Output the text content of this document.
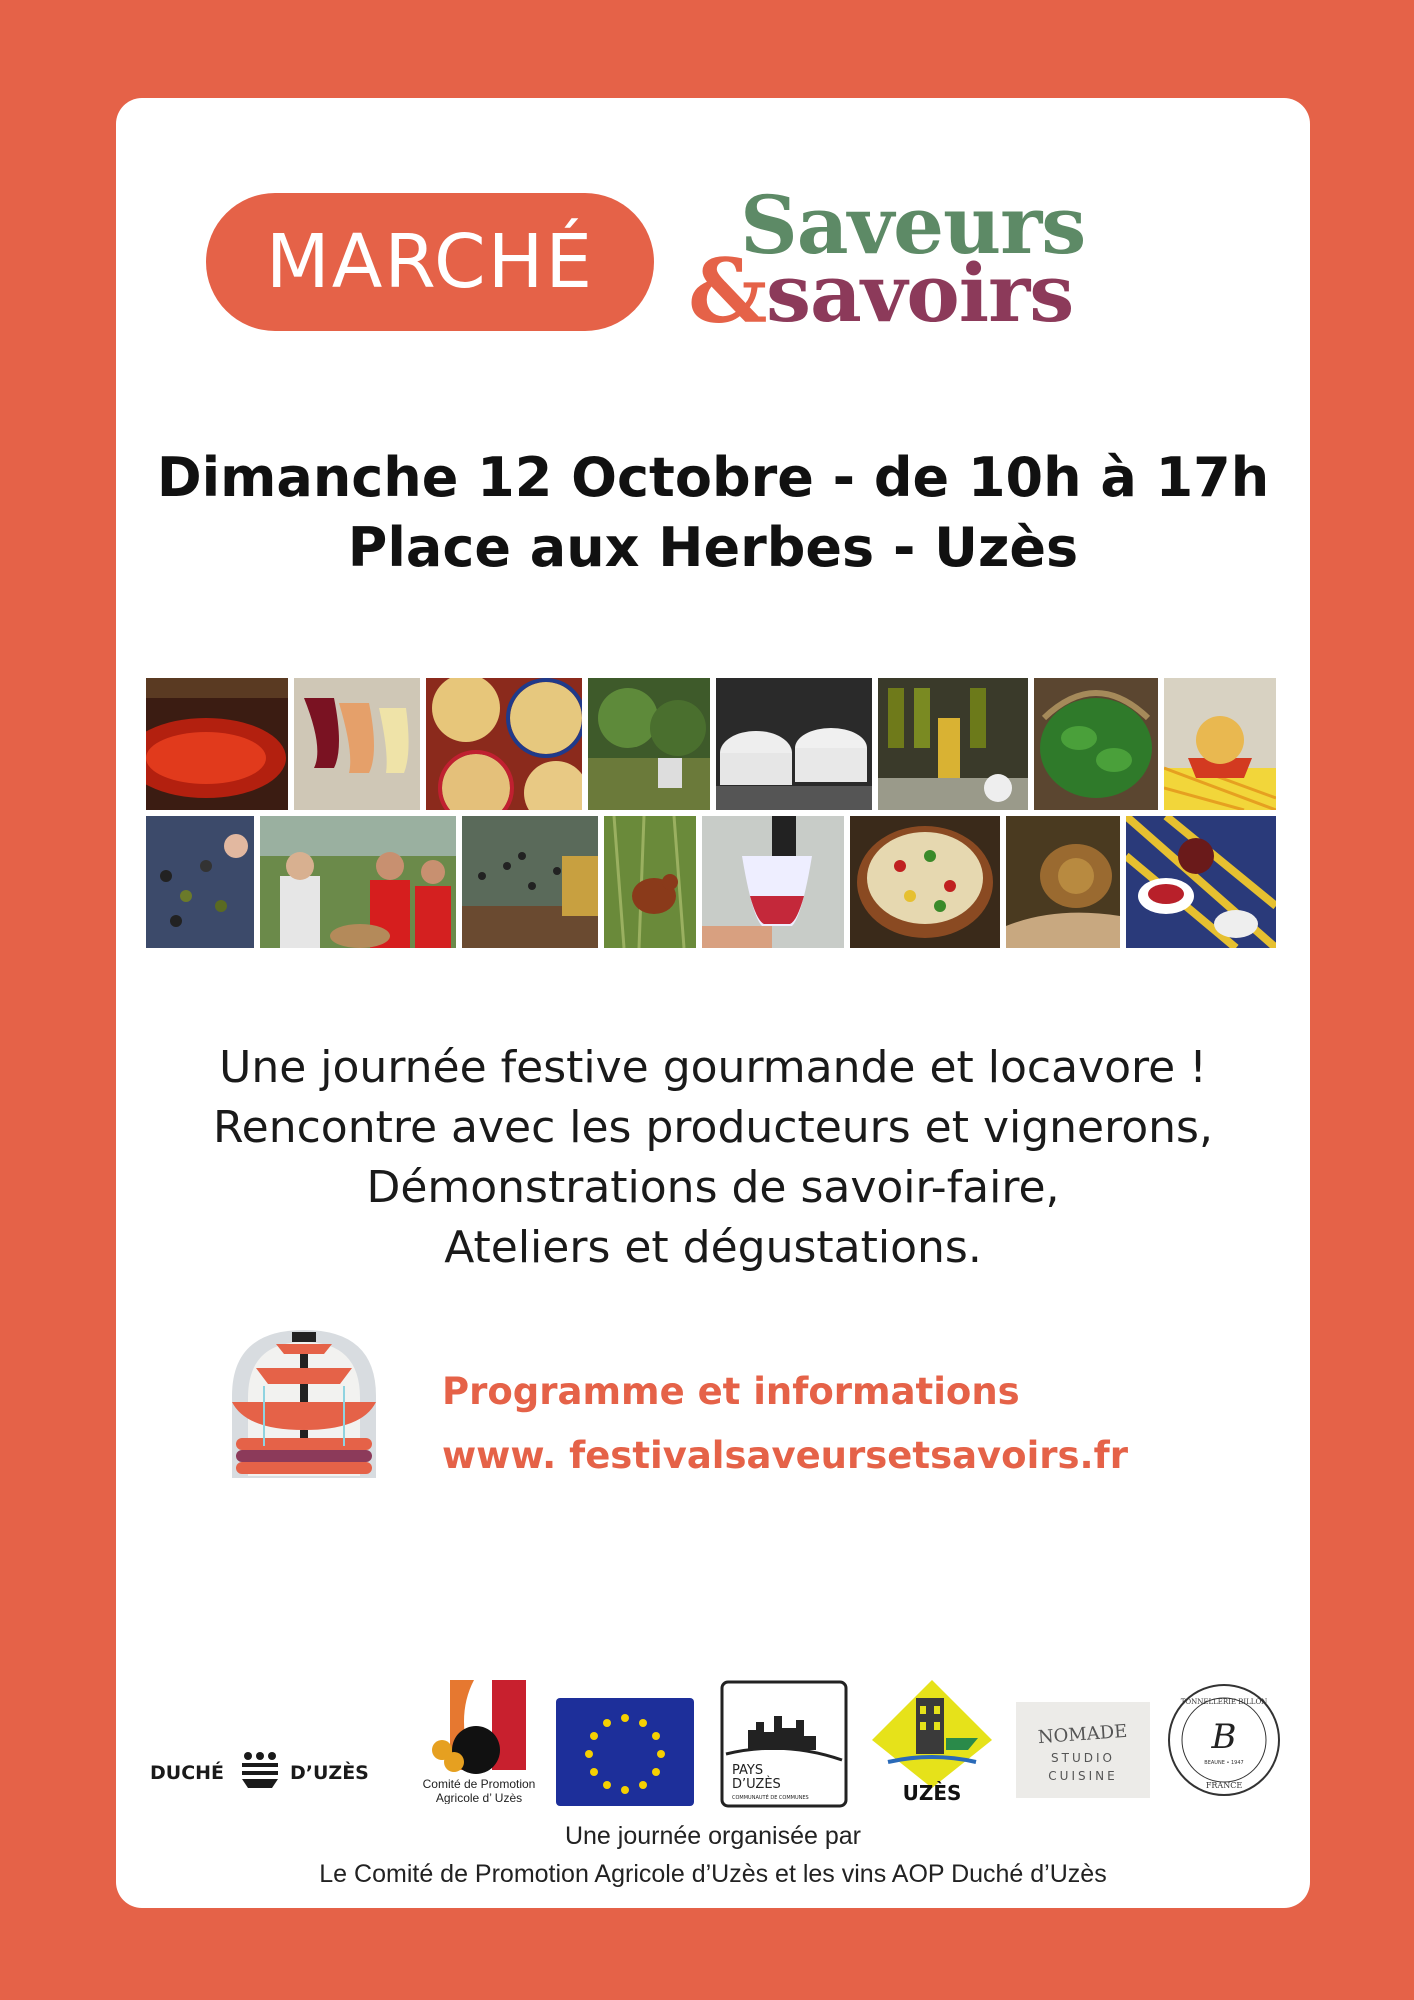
MARCHÉ Saveurs
&
savoirs
Dimanche 12 Octobre - de 10h à 17h
Place aux Herbes - Uzès
Une journée festive gourmande et locavore !
Rencontre avec les producteurs et vignerons,
Démonstrations de savoir-faire,
Ateliers et dégustations.
Programme et informations
www. festivalsaveursetsavoirs.fr
DUCHÉ	D’UZÈS	Comité de Promotion
Agricole d’ Uzès
PAYS
D’UZÈS
COMMUNAUTÉ DE COMMUNES	UZÈS
NOMADE
STUDIO
CUISINE
TONNELLERIE BILLON
B
BEAUNE • 1947
FRANCE
Une journée organisée par
Le Comité de Promotion Agricole d’Uzès et les vins AOP Duché d’Uzès
